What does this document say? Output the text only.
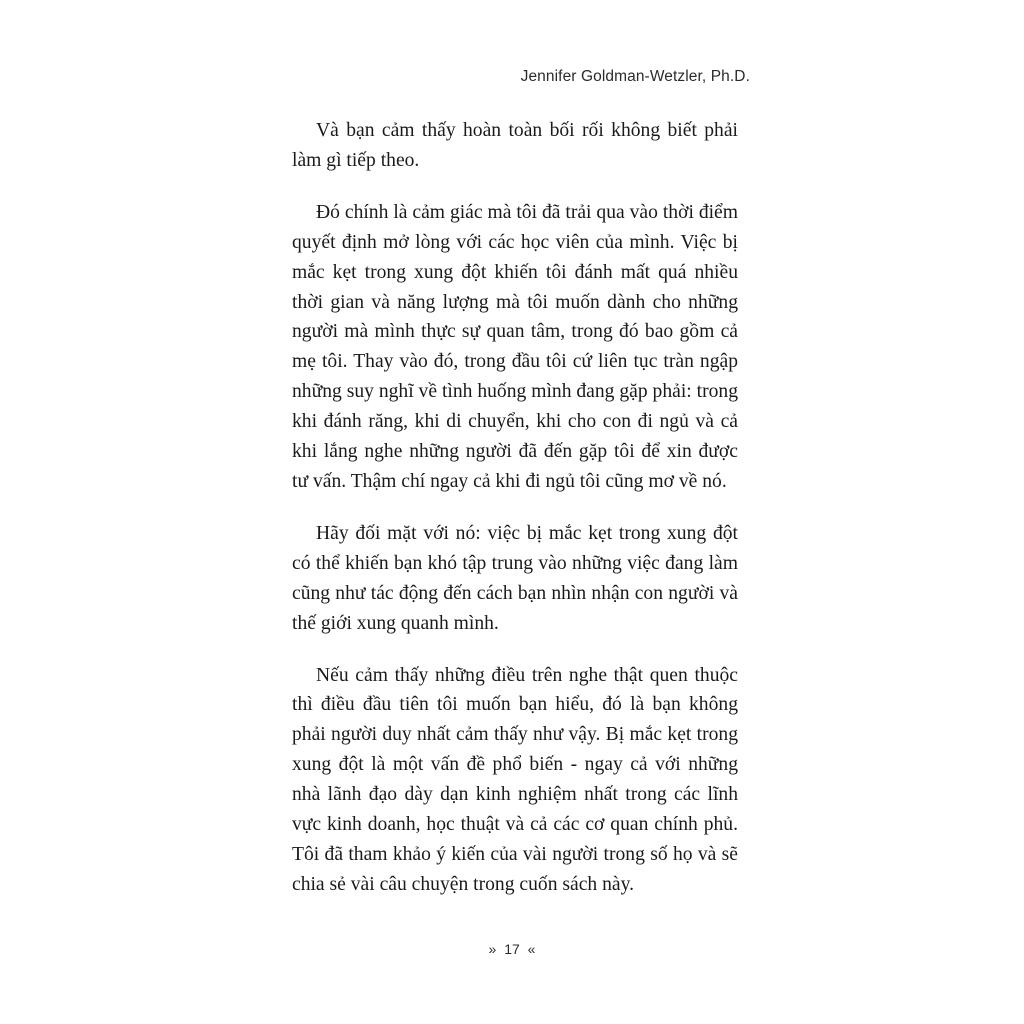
Jennifer Goldman-Wetzler, Ph.D.

Và bạn cảm thấy hoàn toàn bối rối không biết phải làm gì tiếp theo.

Đó chính là cảm giác mà tôi đã trải qua vào thời điểm quyết định mở lòng với các học viên của mình. Việc bị mắc kẹt trong xung đột khiến tôi đánh mất quá nhiều thời gian và năng lượng mà tôi muốn dành cho những người mà mình thực sự quan tâm, trong đó bao gồm cả mẹ tôi. Thay vào đó, trong đầu tôi cứ liên tục tràn ngập những suy nghĩ về tình huống mình đang gặp phải: trong khi đánh răng, khi di chuyển, khi cho con đi ngủ và cả khi lắng nghe những người đã đến gặp tôi để xin được tư vấn. Thậm chí ngay cả khi đi ngủ tôi cũng mơ về nó.

Hãy đối mặt với nó: việc bị mắc kẹt trong xung đột có thể khiến bạn khó tập trung vào những việc đang làm cũng như tác động đến cách bạn nhìn nhận con người và thế giới xung quanh mình.

Nếu cảm thấy những điều trên nghe thật quen thuộc thì điều đầu tiên tôi muốn bạn hiểu, đó là bạn không phải người duy nhất cảm thấy như vậy. Bị mắc kẹt trong xung đột là một vấn đề phổ biến - ngay cả với những nhà lãnh đạo dày dạn kinh nghiệm nhất trong các lĩnh vực kinh doanh, học thuật và cả các cơ quan chính phủ. Tôi đã tham khảo ý kiến của vài người trong số họ và sẽ chia sẻ vài câu chuyện trong cuốn sách này.

» 17 «
